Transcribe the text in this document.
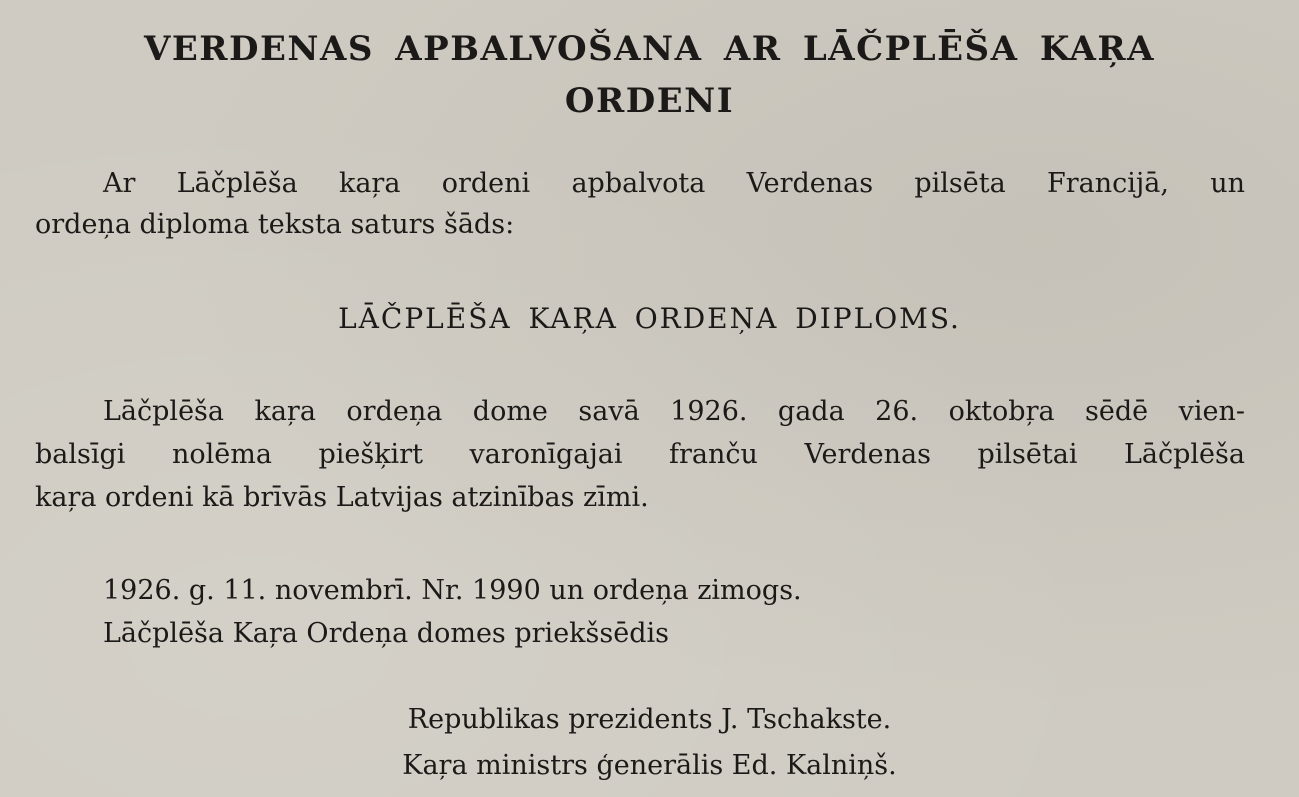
VERDENAS APBALVOŠANA AR LĀČPLĒŠA KAŖA
ORDENI

Ar Lāčplēša kaŗa ordeni apbalvota Verdenas pilsēta Francijā, un

ordeņa diploma teksta saturs šāds:

LĀČPLĒŠA KAŖA ORDEŅA DIPLOMS.

Lāčplēša kaŗa ordeņa dome savā 1926. gada 26. oktobŗa sēdē vien-

balsīgi nolēma piešķirt varonīgajai franču Verdenas pilsētai Lāčplēša

kaŗa ordeni kā brīvās Latvijas atzinības zīmi.

1926. g. 11. novembrī. Nr. 1990 un ordeņa zimogs.

Lāčplēša Kaŗa Ordeņa domes priekšsēdis

Republikas prezidents J. Tschakste.

Kaŗa ministrs ģenerālis Ed. Kalniņš.
